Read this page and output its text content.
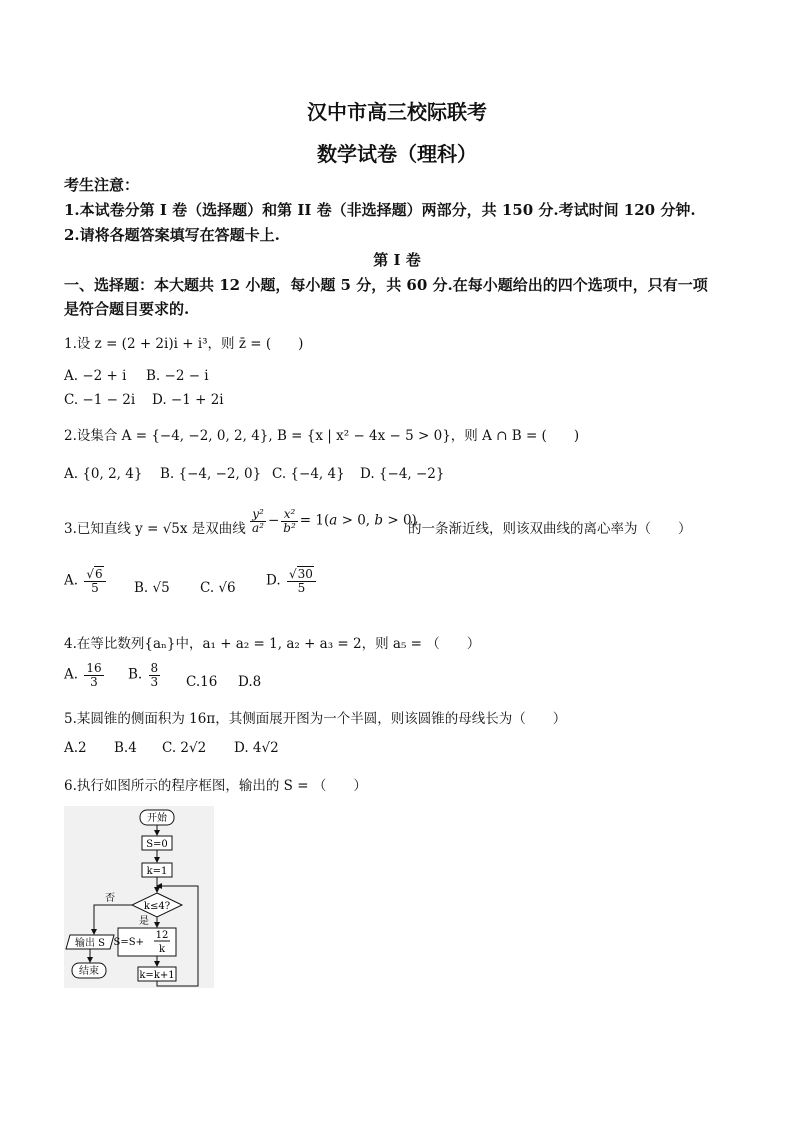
汉中市高三校际联考
数学试卷（理科）
考生注意：
1.本试卷分第 I 卷（选择题）和第 II 卷（非选择题）两部分，共 150 分.考试时间 120 分钟.
2.请将各题答案填写在答题卡上.
第 I 卷
一、选择题：本大题共 12 小题，每小题 5 分，共 60 分.在每小题给出的四个选项中，只有一项
是符合题目要求的.
1.设 z = (2 + 2i)i + i³，则 z̄ = (　　)
A. −2 + i B. −2 − i
C. −1 − 2i D. −1 + 2i
2.设集合 A = {−4, −2, 0, 2, 4}, B = {x | x² − 4x − 5 > 0}，则 A ∩ B = (　　)
A. {0, 2, 4} B. {−4, −2, 0} C. {−4, 4} D. {−4, −2}
3.已知直线 y = √5x 是双曲线 $\frac{\text{y²}}{\text{a²}} - \frac{\text{x²}}{\text{b²}} = 1(a > 0$, b > 0)
的一条渐近线，则该双曲线的离心率为（　　）
A. $\frac{√6}{5} B$. √5 C. √6 D. $\frac{√30}{5}$
4.在等比数列{aₙ}中，a₁ + a₂ = 1, a₂ + a₃ = 2，则 a₅ = （　　）
A. $\frac{16}{3} B$. $\frac{8}{3} C.16$ D.8
5.某圆锥的侧面积为 16π，其侧面展开图为一个半圆，则该圆锥的母线长为（　　）
A.2 B.4 C. 2√2 D. 4√2
6.执行如图所示的程序框图，输出的 S = （　　）
开始
S=0
k=1
k≤4?
否
是
S=S+
12
k
k=k+1
输出 S
结束
